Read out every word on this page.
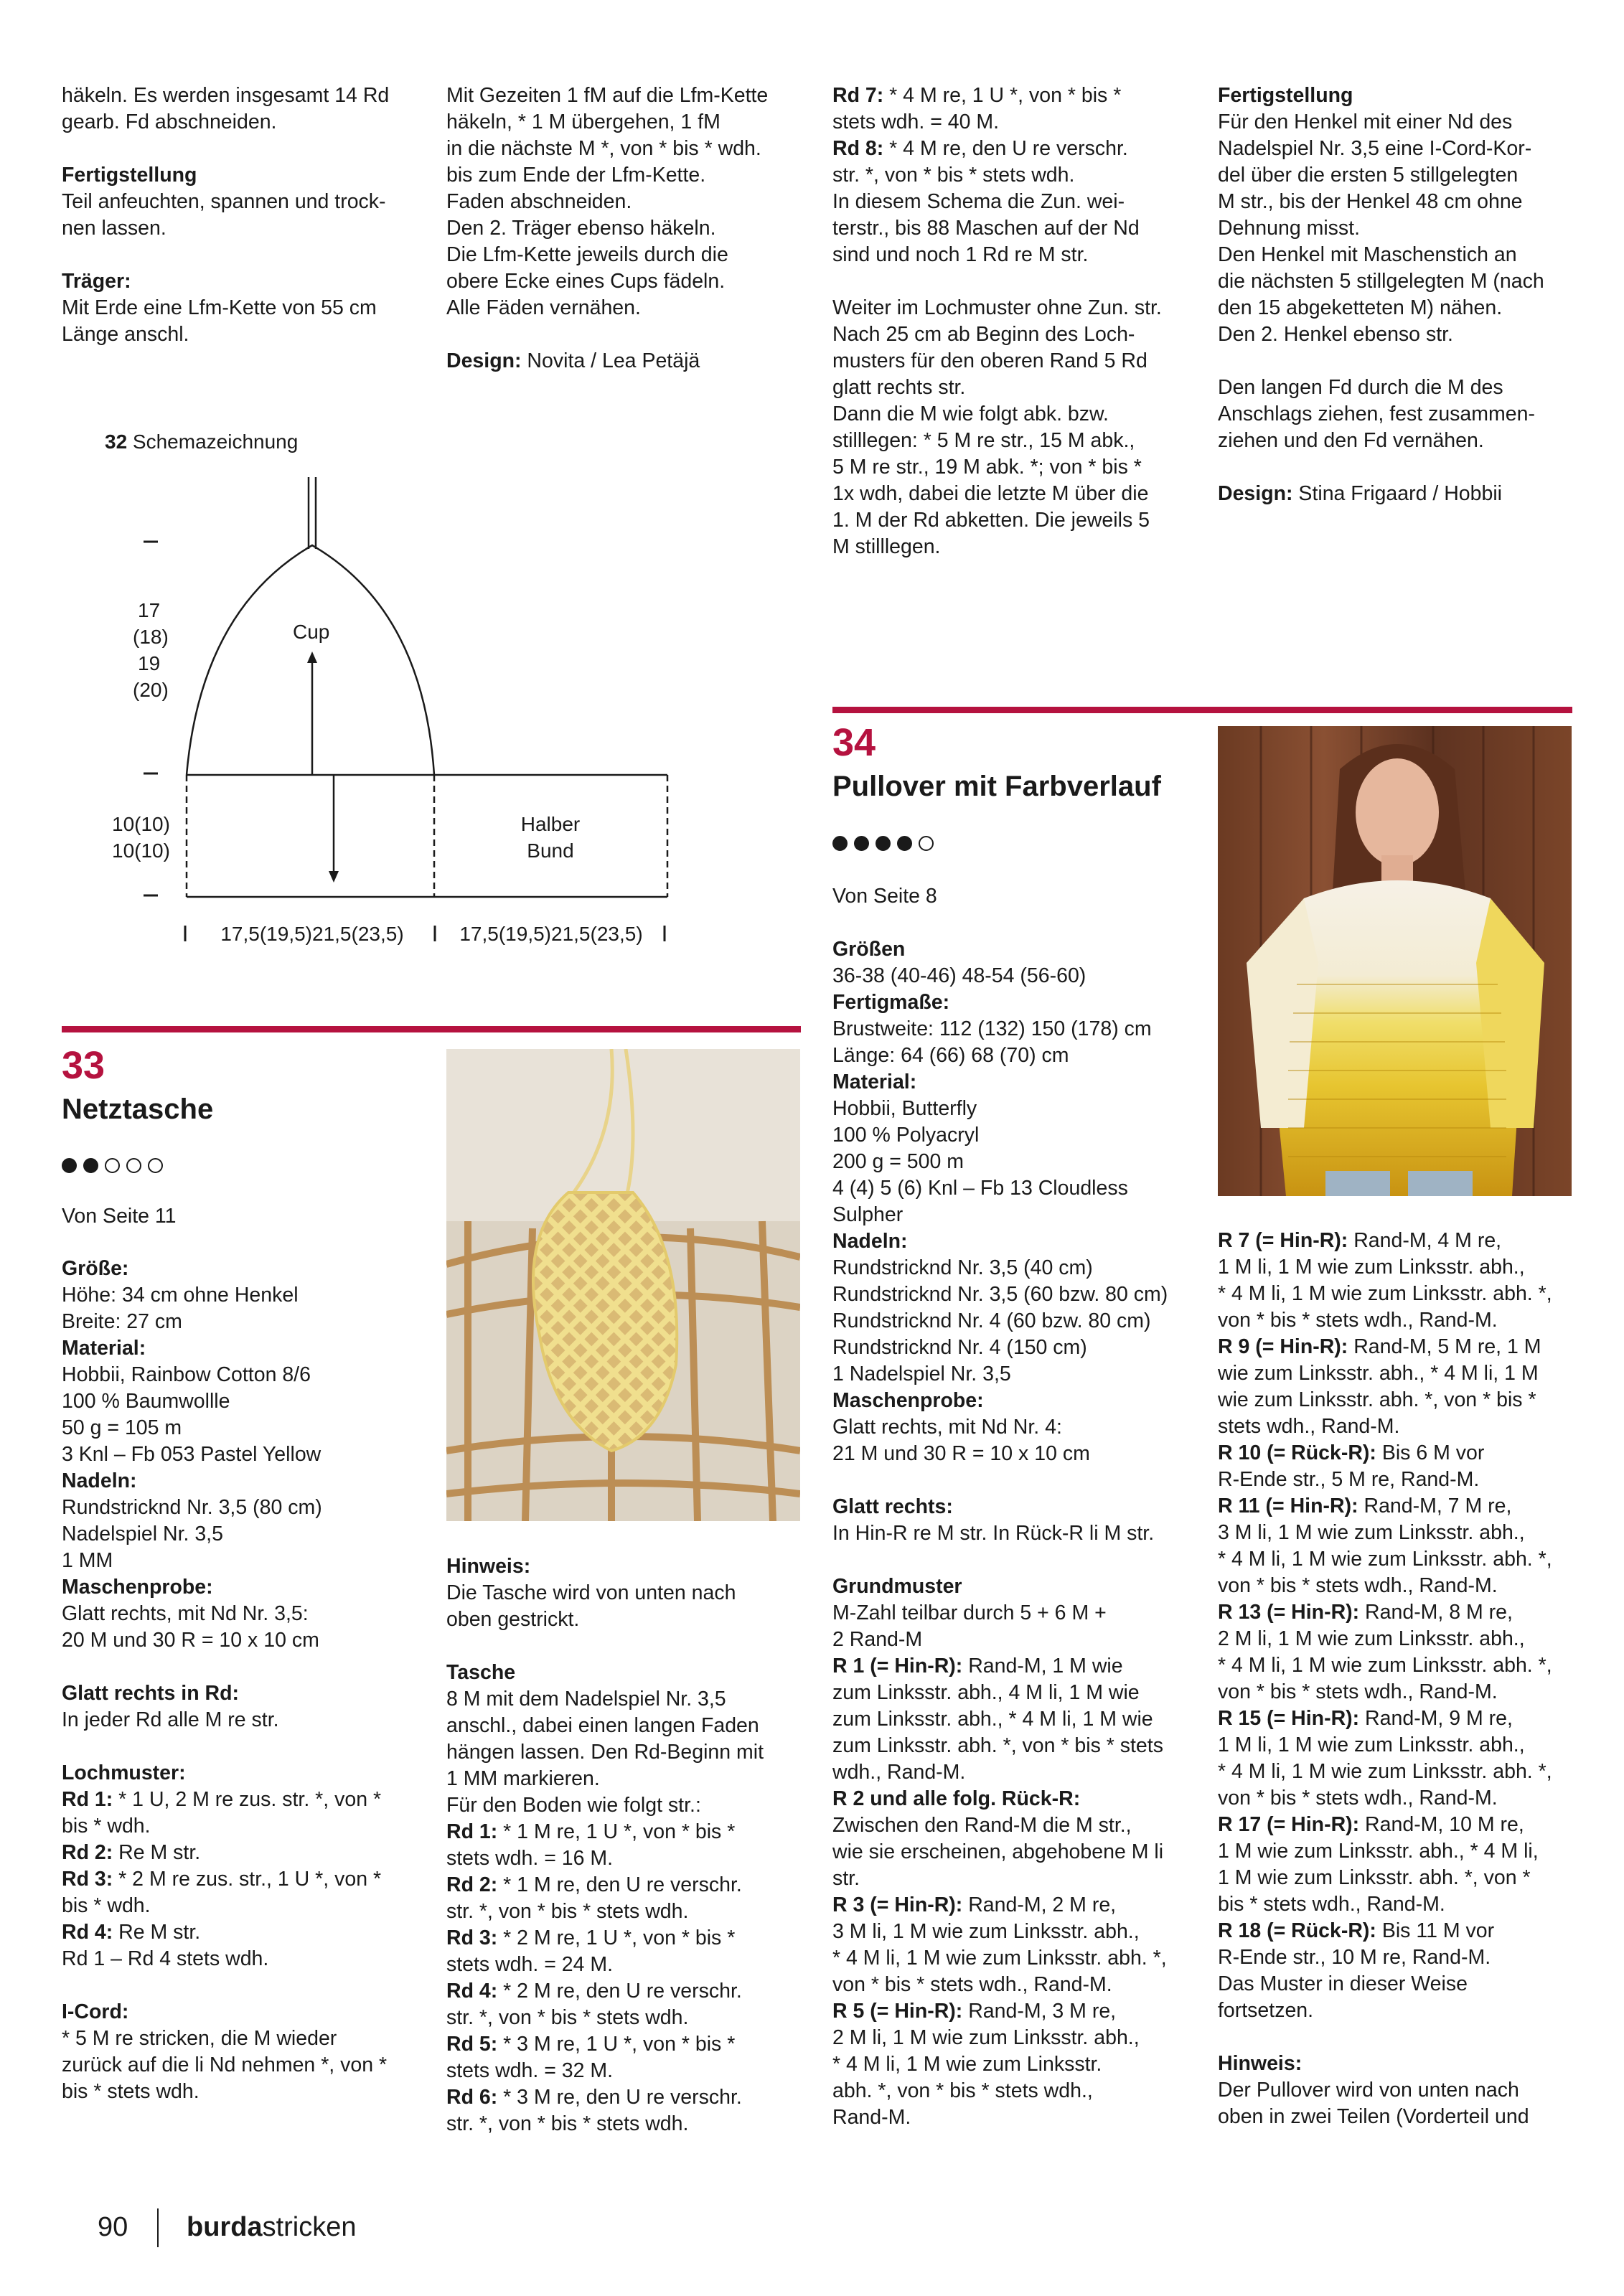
häkeln. Es werden insgesamt 14 Rd

gearb. Fd abschneiden.

Fertigstellung

Teil anfeuchten, spannen und trock-

nen lassen.

Träger:

Mit Erde eine Lfm-Kette von 55 cm

Länge anschl.

Mit Gezeiten 1 fM auf die Lfm-Kette

häkeln, * 1 M übergehen, 1 fM

in die nächste M *, von * bis * wdh.

bis zum Ende der Lfm-Kette.

Faden abschneiden.

Den 2. Träger ebenso häkeln.

Die Lfm-Kette jeweils durch die

obere Ecke eines Cups fädeln.

Alle Fäden vernähen.

Design: Novita / Lea Petäjä

Rd 7: * 4 M re, 1 U *, von * bis *

stets wdh. = 40 M.

Rd 8: * 4 M re, den U re verschr.

str. *, von * bis * stets wdh.

In diesem Schema die Zun. wei-

terstr., bis 88 Maschen auf der Nd

sind und noch 1 Rd re M str.

Weiter im Lochmuster ohne Zun. str.

Nach 25 cm ab Beginn des Loch-

musters für den oberen Rand 5 Rd

glatt rechts str.

Dann die M wie folgt abk. bzw.

stilllegen: * 5 M re str., 15 M abk.,

5 M re str., 19 M abk. *; von * bis *

1x wdh, dabei die letzte M über die

1. M der Rd abketten. Die jeweils 5

M stilllegen.

Fertigstellung

Für den Henkel mit einer Nd des

Nadelspiel Nr. 3,5 eine I-Cord-Kor-

del über die ersten 5 stillgelegten

M str., bis der Henkel 48 cm ohne

Dehnung misst.

Den Henkel mit Maschenstich an

die nächsten 5 stillgelegten M (nach

den 15 abgeketteten M) nähen.

Den 2. Henkel ebenso str.

Den langen Fd durch die M des

Anschlags ziehen, fest zusammen-

ziehen und den Fd vernähen.

Design: Stina Frigaard / Hobbii

32 Schemazeichnung
Cup
17
(18)
19
(20)
10(10)
10(10)
Halber
Bund
17,5(19,5)21,5(23,5)	17,5(19,5)21,5(23,5)
34
Pullover mit Farbverlauf
Von Seite 8
33
Netztasche
Von Seite 11

Größe:

Höhe: 34 cm ohne Henkel

Breite: 27 cm

Material:

Hobbii, Rainbow Cotton 8/6

100 % Baumwollle

50 g = 105 m

3 Knl – Fb 053 Pastel Yellow

Nadeln:

Rundstricknd Nr. 3,5 (80 cm)

Nadelspiel Nr. 3,5

1 MM

Maschenprobe:

Glatt rechts, mit Nd Nr. 3,5:

20 M und 30 R = 10 x 10 cm

Glatt rechts in Rd:

In jeder Rd alle M re str.

Lochmuster:

Rd 1: * 1 U, 2 M re zus. str. *, von *

bis * wdh.

Rd 2: Re M str.

Rd 3: * 2 M re zus. str., 1 U *, von *

bis * wdh.

Rd 4: Re M str.

Rd 1 – Rd 4 stets wdh.

I-Cord:

* 5 M re stricken, die M wieder

zurück auf die li Nd nehmen *, von *

bis * stets wdh.

Hinweis:

Die Tasche wird von unten nach

oben gestrickt.

Tasche

8 M mit dem Nadelspiel Nr. 3,5

anschl., dabei einen langen Faden

hängen lassen. Den Rd-Beginn mit

1 MM markieren.

Für den Boden wie folgt str.:

Rd 1: * 1 M re, 1 U *, von * bis *

stets wdh. = 16 M.

Rd 2: * 1 M re, den U re verschr.

str. *, von * bis * stets wdh.

Rd 3: * 2 M re, 1 U *, von * bis *

stets wdh. = 24 M.

Rd 4: * 2 M re, den U re verschr.

str. *, von * bis * stets wdh.

Rd 5: * 3 M re, 1 U *, von * bis *

stets wdh. = 32 M.

Rd 6: * 3 M re, den U re verschr.

str. *, von * bis * stets wdh.

Größen

36-38 (40-46) 48-54 (56-60)

Fertigmaße:

Brustweite: 112 (132) 150 (178) cm

Länge: 64 (66) 68 (70) cm

Material:

Hobbii, Butterfly

100 % Polyacryl

200 g = 500 m

4 (4) 5 (6) Knl – Fb 13 Cloudless

Sulpher

Nadeln:

Rundstricknd Nr. 3,5 (40 cm)

Rundstricknd Nr. 3,5 (60 bzw. 80 cm)

Rundstricknd Nr. 4 (60 bzw. 80 cm)

Rundstricknd Nr. 4 (150 cm)

1 Nadelspiel Nr. 3,5

Maschenprobe:

Glatt rechts, mit Nd Nr. 4:

21 M und 30 R = 10 x 10 cm

Glatt rechts:

In Hin-R re M str. In Rück-R li M str.

Grundmuster

M-Zahl teilbar durch 5 + 6 M +

2 Rand-M

R 1 (= Hin-R): Rand-M, 1 M wie

zum Linksstr. abh., 4 M li, 1 M wie

zum Linksstr. abh., * 4 M li, 1 M wie

zum Linksstr. abh. *, von * bis * stets

wdh., Rand-M.

R 2 und alle folg. Rück-R:

Zwischen den Rand-M die M str.,

wie sie erscheinen, abgehobene M li

str.

R 3 (= Hin-R): Rand-M, 2 M re,

3 M li, 1 M wie zum Linksstr. abh.,

* 4 M li, 1 M wie zum Linksstr. abh. *,

von * bis * stets wdh., Rand-M.

R 5 (= Hin-R): Rand-M, 3 M re,

2 M li, 1 M wie zum Linksstr. abh.,

* 4 M li, 1 M wie zum Linksstr.

abh. *, von * bis * stets wdh.,

Rand-M.

R 7 (= Hin-R): Rand-M, 4 M re,

1 M li, 1 M wie zum Linksstr. abh.,

* 4 M li, 1 M wie zum Linksstr. abh. *,

von * bis * stets wdh., Rand-M.

R 9 (= Hin-R): Rand-M, 5 M re, 1 M

wie zum Linksstr. abh., * 4 M li, 1 M

wie zum Linksstr. abh. *, von * bis *

stets wdh., Rand-M.

R 10 (= Rück-R): Bis 6 M vor

R-Ende str., 5 M re, Rand-M.

R 11 (= Hin-R): Rand-M, 7 M re,

3 M li, 1 M wie zum Linksstr. abh.,

* 4 M li, 1 M wie zum Linksstr. abh. *,

von * bis * stets wdh., Rand-M.

R 13 (= Hin-R): Rand-M, 8 M re,

2 M li, 1 M wie zum Linksstr. abh.,

* 4 M li, 1 M wie zum Linksstr. abh. *,

von * bis * stets wdh., Rand-M.

R 15 (= Hin-R): Rand-M, 9 M re,

1 M li, 1 M wie zum Linksstr. abh.,

* 4 M li, 1 M wie zum Linksstr. abh. *,

von * bis * stets wdh., Rand-M.

R 17 (= Hin-R): Rand-M, 10 M re,

1 M wie zum Linksstr. abh., * 4 M li,

1 M wie zum Linksstr. abh. *, von *

bis * stets wdh., Rand-M.

R 18 (= Rück-R): Bis 11 M vor

R-Ende str., 10 M re, Rand-M.

Das Muster in dieser Weise

fortsetzen.

Hinweis:

Der Pullover wird von unten nach

oben in zwei Teilen (Vorderteil und

90 burdastricken
